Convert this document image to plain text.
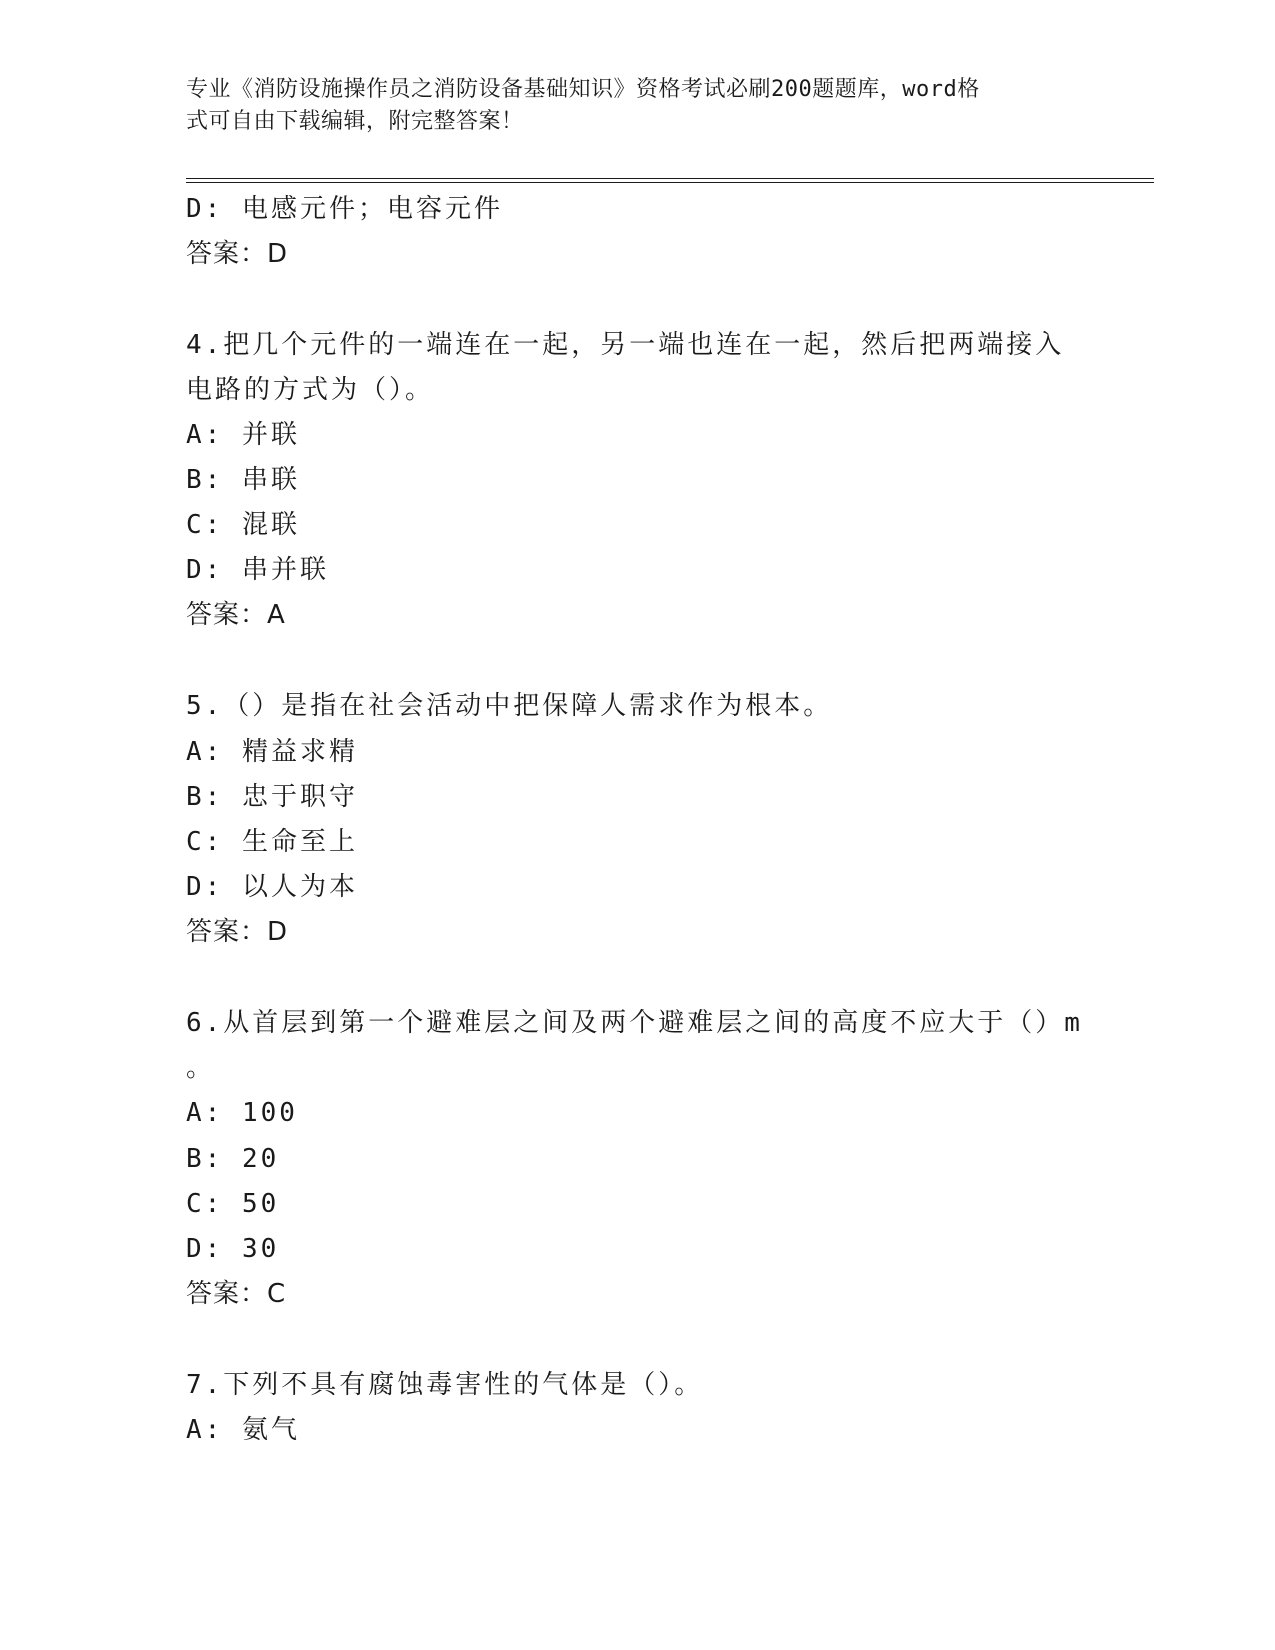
专业《消防设施操作员之消防设备基础知识》资格考试必刷200题题库，word格
式可自由下载编辑，附完整答案！
D: 电感元件；电容元件
答案：D
4.把几个元件的一端连在一起，另一端也连在一起，然后把两端接入
电路的方式为（）。
A: 并联
B: 串联
C: 混联
D: 串并联
答案：A
5.（）是指在社会活动中把保障人需求作为根本。
A: 精益求精
B: 忠于职守
C: 生命至上
D: 以人为本
答案：D
6.从首层到第一个避难层之间及两个避难层之间的高度不应大于（）m
。
A: 100
B: 20
C: 50
D: 30
答案：C
7.下列不具有腐蚀毒害性的气体是（）。
A: 氨气
